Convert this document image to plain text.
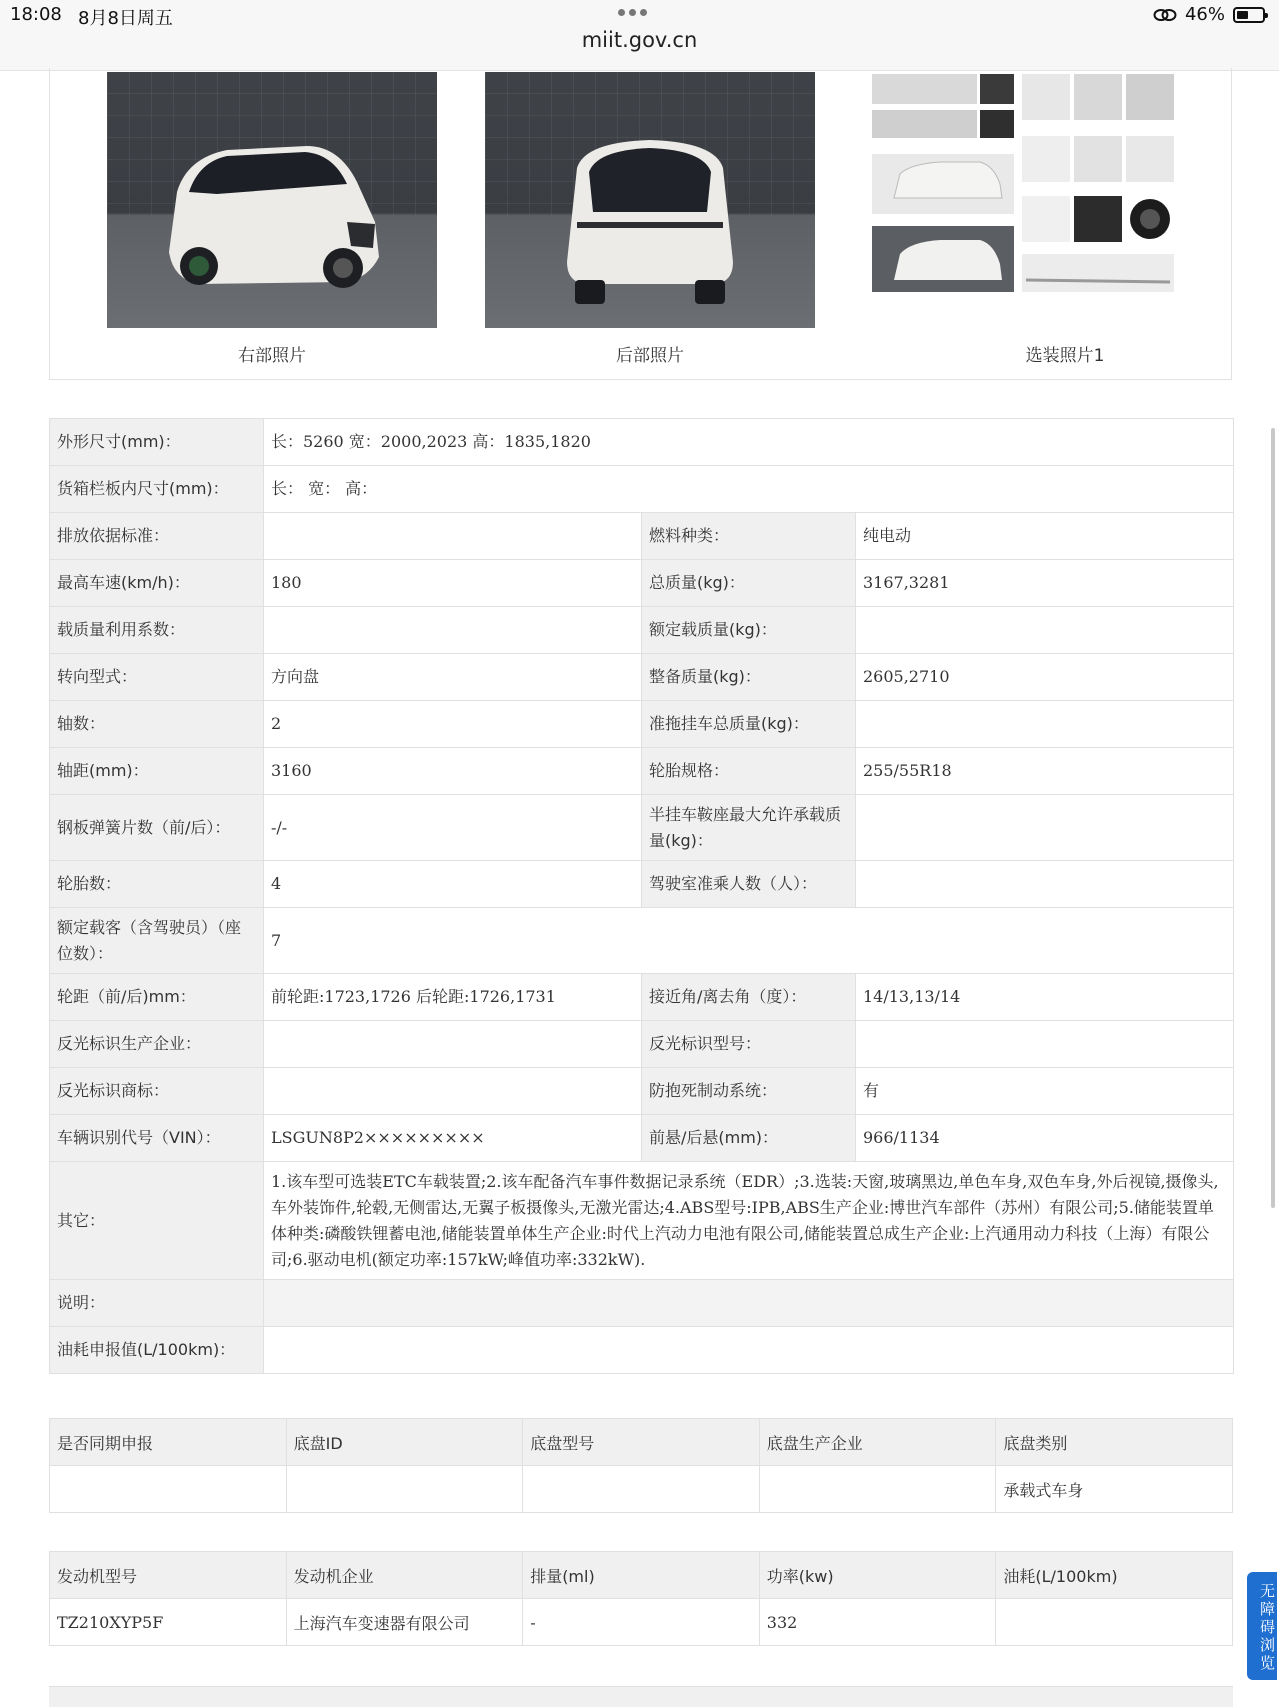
18:08 8月8日周五
miit.gov.cn
46%
右部照片	后部照片	选装照片1
外形尺寸(mm)：	长：5260 宽：2000,2023 高：1835,1820		
货箱栏板内尺寸(mm)：	长： 宽： 高：		
排放依据标准：		燃料种类：	纯电动
最高车速(km/h)：	180	总质量(kg)：	3167,3281
载质量利用系数：		额定载质量(kg)：	
转向型式：	方向盘	整备质量(kg)：	2605,2710
轴数：	2	准拖挂车总质量(kg)：	
轴距(mm)：	3160	轮胎规格：	255/55R18
钢板弹簧片数（前/后）：	-/-	半挂车鞍座最大允许承载质量(kg)：	
轮胎数：	4	驾驶室准乘人数（人）：	
额定载客（含驾驶员）（座位数）：	7		
轮距（前/后)mm：	前轮距:1723,1726 后轮距:1726,1731	接近角/离去角（度）：	14/13,13/14
反光标识生产企业：		反光标识型号：	
反光标识商标：		防抱死制动系统：	有
车辆识别代号（VIN）：	LSGUN8P2×××××××××	前悬/后悬(mm)：	966/1134
其它：	1.该车型可选装ETC车载装置;2.该车配备汽车事件数据记录系统（EDR）;3.选装:天窗,玻璃黑边,单色车身,双色车身,外后视镜,摄像头,车外装饰件,轮毂,无侧雷达,无翼子板摄像头,无激光雷达;4.ABS型号:IPB,ABS生产企业:博世汽车部件（苏州）有限公司;5.储能装置单体种类:磷酸铁锂蓄电池,储能装置单体生产企业:时代上汽动力电池有限公司,储能装置总成生产企业:上汽通用动力科技（上海）有限公司;6.驱动电机(额定功率:157kW;峰值功率:332kW).		
说明：			
油耗申报值(L/100km)：			
是否同期申报	底盘ID	底盘型号	底盘生产企业	底盘类别
				承载式车身
发动机型号	发动机企业	排量(ml)	功率(kw)	油耗(L/100km)
TZ210XYP5F	上海汽车变速器有限公司	-	332		无障碍浏览
